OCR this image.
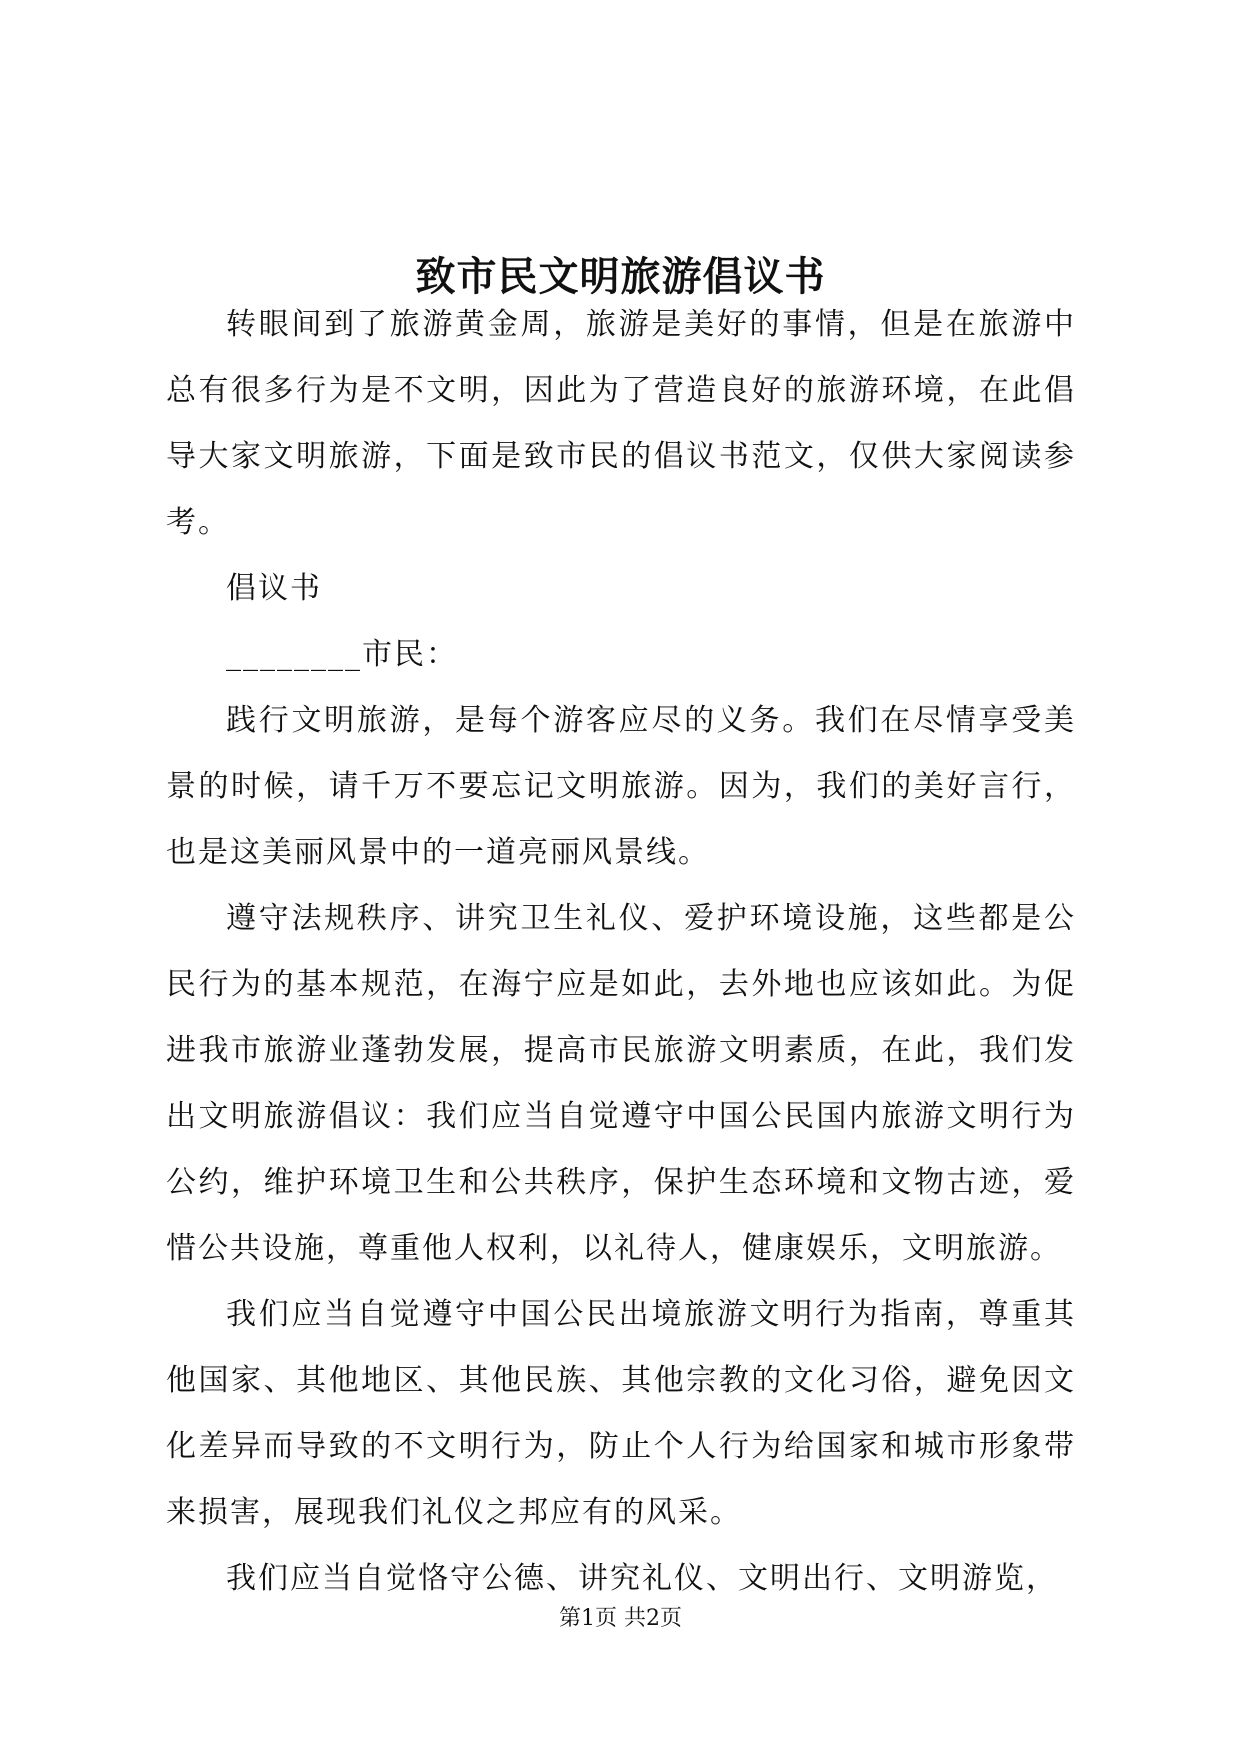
致市民文明旅游倡议书

转眼间到了旅游黄金周，旅游是美好的事情，但是在旅游中总有很多行为是不文明，因此为了营造良好的旅游环境，在此倡导大家文明旅游，下面是致市民的倡议书范文，仅供大家阅读参考。

倡议书

________市民：

践行文明旅游，是每个游客应尽的义务。我们在尽情享受美景的时候，请千万不要忘记文明旅游。因为，我们的美好言行，也是这美丽风景中的一道亮丽风景线。

遵守法规秩序、讲究卫生礼仪、爱护环境设施，这些都是公民行为的基本规范，在海宁应是如此，去外地也应该如此。为促进我市旅游业蓬勃发展，提高市民旅游文明素质，在此，我们发出文明旅游倡议：我们应当自觉遵守中国公民国内旅游文明行为公约，维护环境卫生和公共秩序，保护生态环境和文物古迹，爱惜公共设施，尊重他人权利，以礼待人，健康娱乐，文明旅游。

我们应当自觉遵守中国公民出境旅游文明行为指南，尊重其他国家、其他地区、其他民族、其他宗教的文化习俗，避免因文化差异而导致的不文明行为，防止个人行为给国家和城市形象带来损害，展现我们礼仪之邦应有的风采。

我们应当自觉恪守公德、讲究礼仪、文明出行、文明游览，

第1页 共2页
